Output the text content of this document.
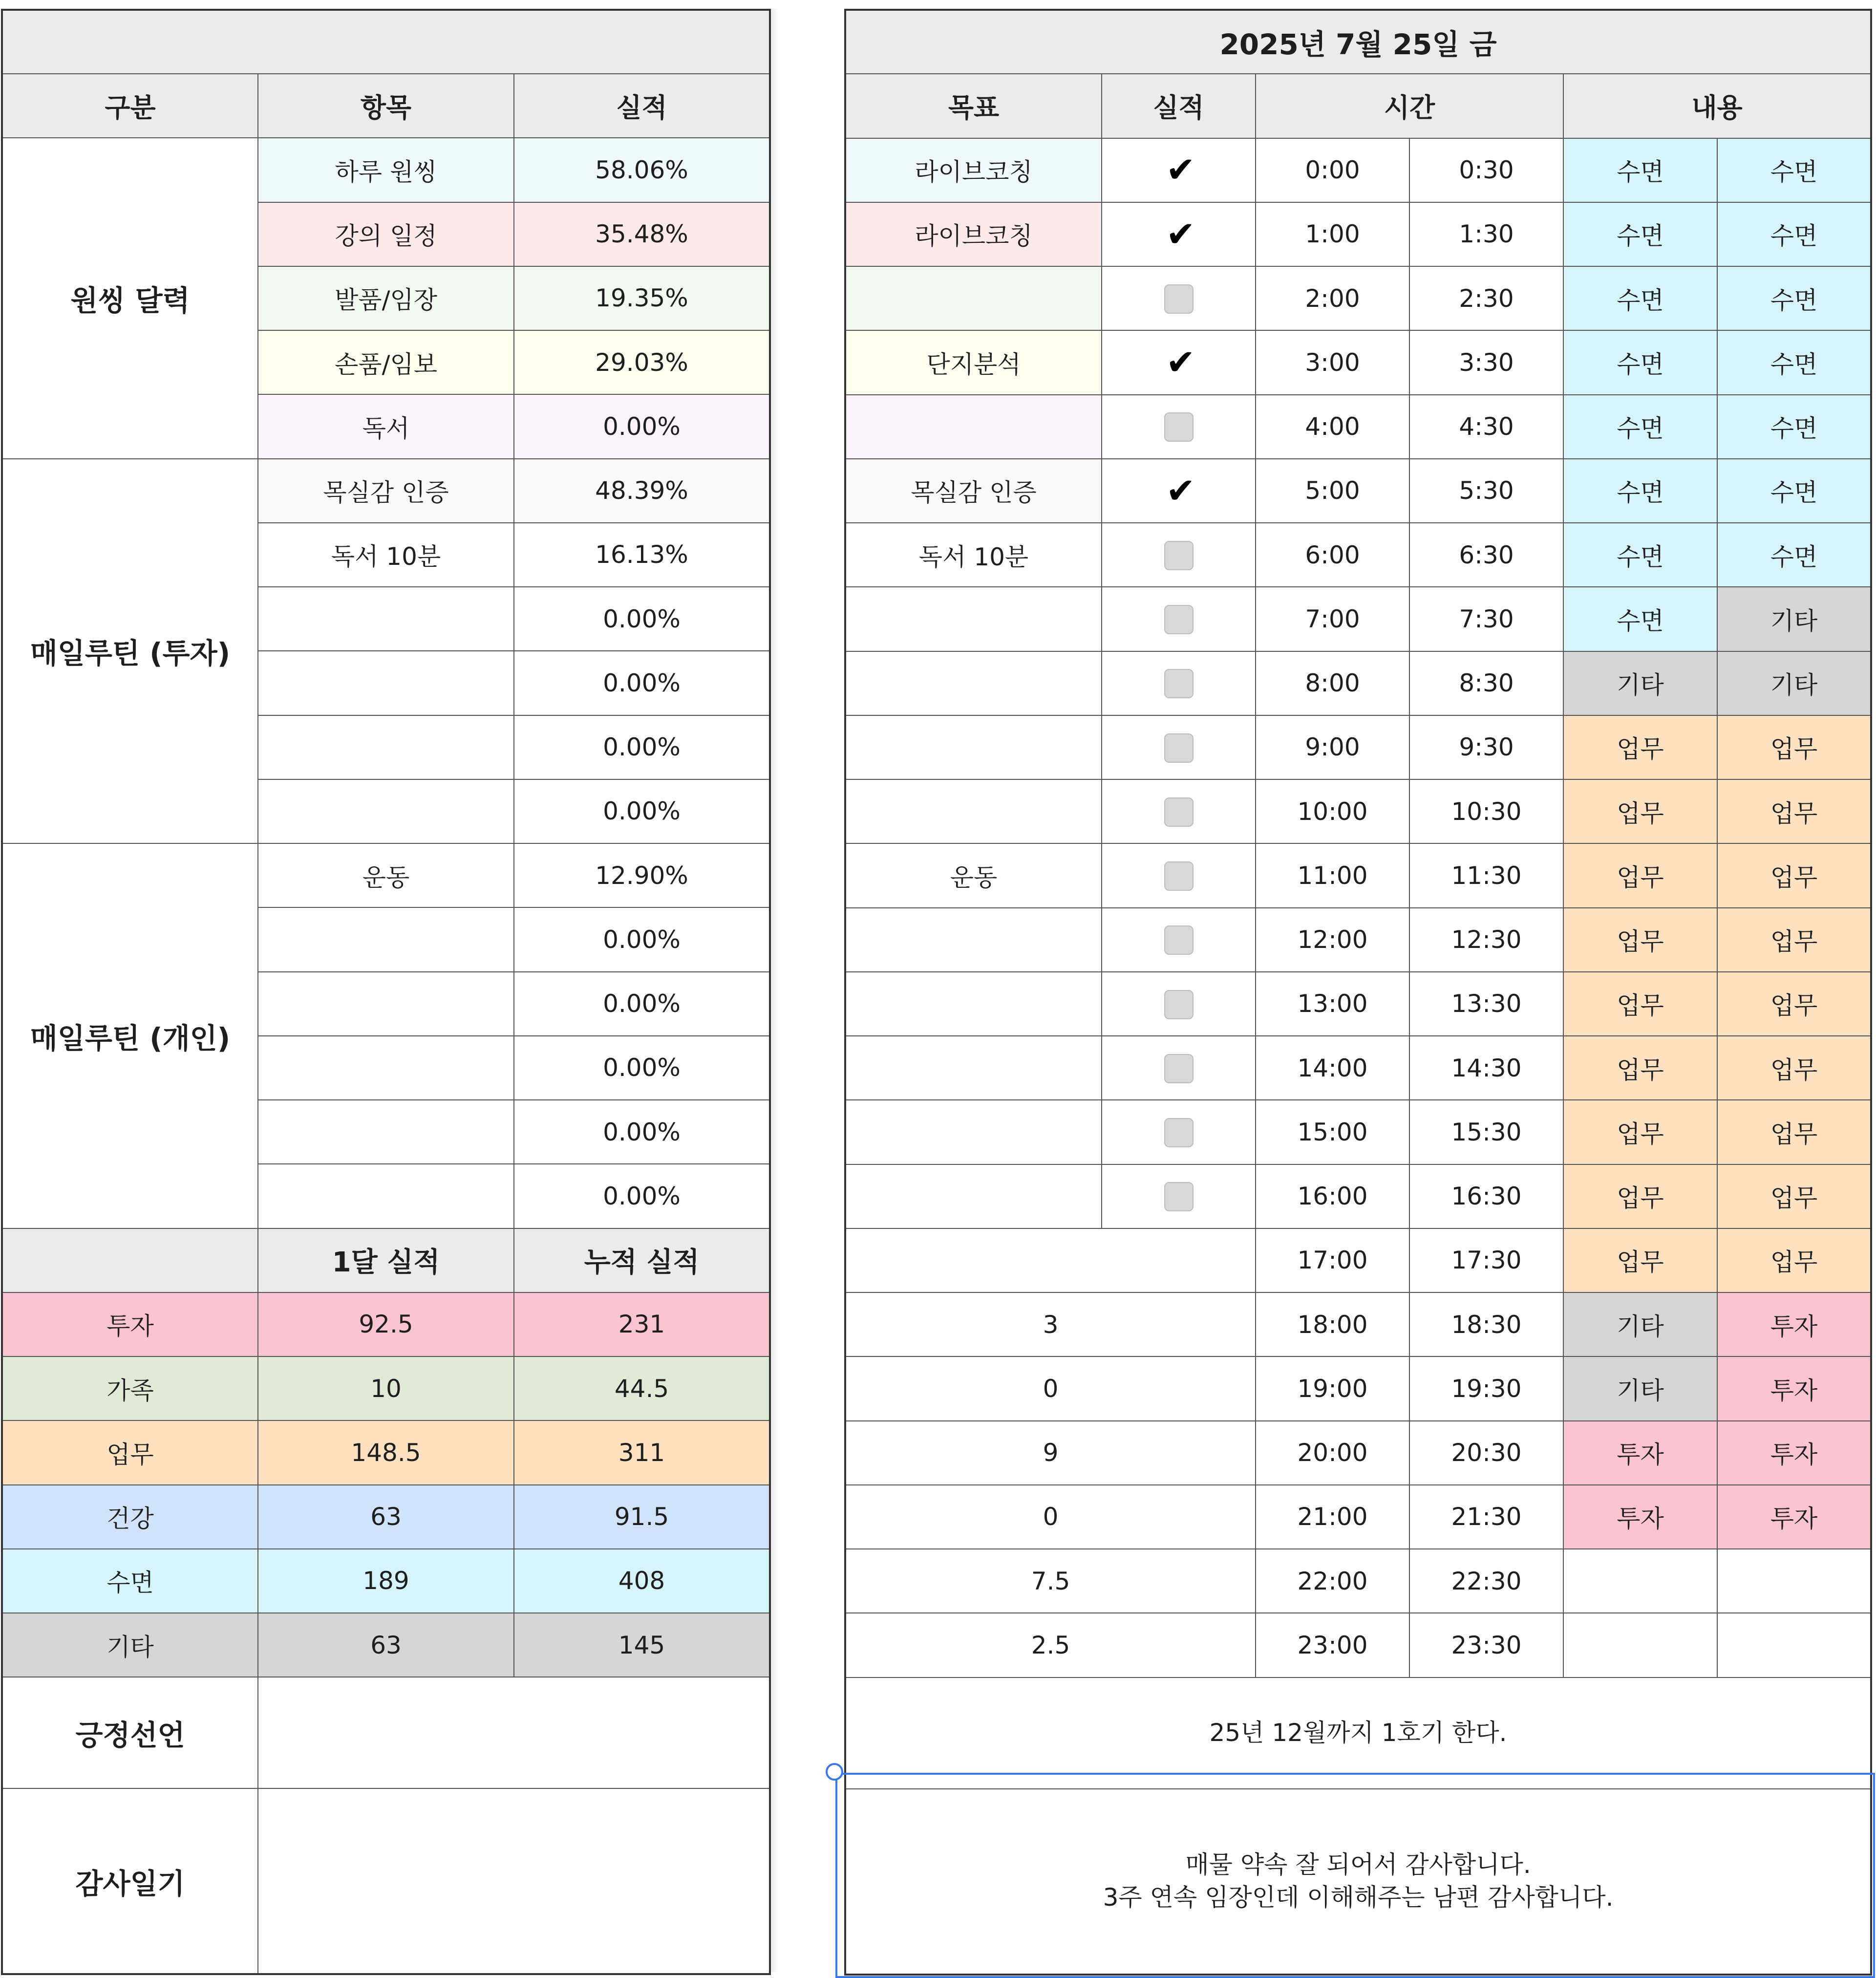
구분	항목	실적
원씽 달력	하루 원씽	58.06%
	강의 일정	35.48%
	발품/임장	19.35%
	손품/임보	29.03%
	독서	0.00%
매일루틴 (투자)	목실감 인증	48.39%
	독서 10분	16.13%
		0.00%
		0.00%
		0.00%
		0.00%
매일루틴 (개인)	운동	12.90%
		0.00%
		0.00%
		0.00%
		0.00%
		0.00%
	1달 실적	누적 실적
투자	92.5	231
가족	10	44.5
업무	148.5	311
건강	63	91.5
수면	189	408
기타	63	145
긍정선언		
감사일기		
2025년 7월 25일 금					
목표	실적	시간		내용	
라이브코칭	✔	0:00	0:30	수면	수면
라이브코칭	✔	1:00	1:30	수면	수면
		2:00	2:30	수면	수면
단지분석	✔	3:00	3:30	수면	수면
		4:00	4:30	수면	수면
목실감 인증	✔	5:00	5:30	수면	수면
독서 10분		6:00	6:30	수면	수면
		7:00	7:30	수면	기타
		8:00	8:30	기타	기타
		9:00	9:30	업무	업무
		10:00	10:30	업무	업무
운동		11:00	11:30	업무	업무
		12:00	12:30	업무	업무
		13:00	13:30	업무	업무
		14:00	14:30	업무	업무
		15:00	15:30	업무	업무
		16:00	16:30	업무	업무
		17:00	17:30	업무	업무
3		18:00	18:30	기타	투자
0		19:00	19:30	기타	투자
9		20:00	20:30	투자	투자
0		21:00	21:30	투자	투자
7.5		22:00	22:30		
2.5		23:00	23:30		
25년 12월까지 1호기 한다.					

매물 약속 잘 되어서 감사합니다.
3주 연속 임장인데 이해해주는 남편 감사합니다.					
